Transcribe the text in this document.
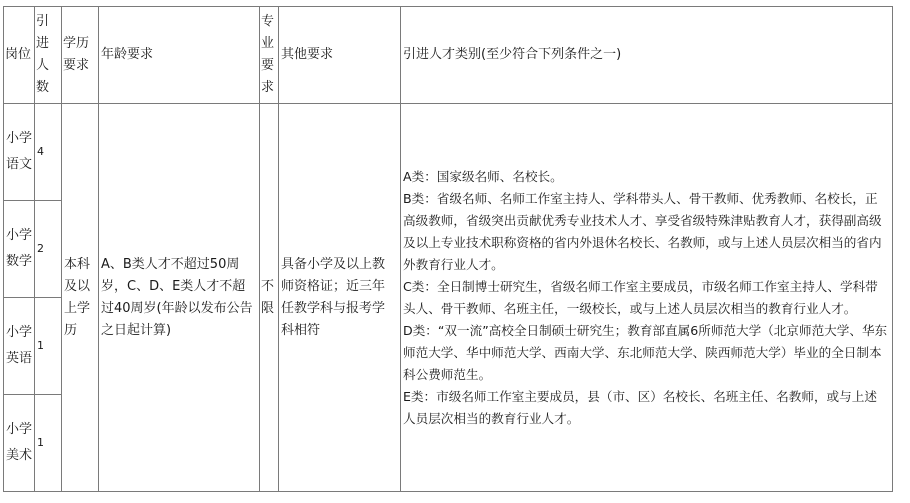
岗位	引进人数	学历要求	年龄要求	专业要求	其他要求	引进人才类别(至少符合下列条件之一)
小学语文	4	本科及以上学历	A、B类人才不超过50周岁，C、D、E类人才不超过40周岁(年龄以发布公告之日起计算)	不限	具备小学及以上教师资格证；近三年任教学科与报考学科相符	A类：国家级名师、名校长。

B类：省级名师、名师工作室主持人、学科带头人、骨干教师、优秀教师、名校长，正高级教师，省级突出贡献优秀专业技术人才、享受省级特殊津贴教育人才，获得副高级及以上专业技术职称资格的省内外退休名校长、名教师，或与上述人员层次相当的省内外教育行业人才。

C类：全日制博士研究生，省级名师工作室主要成员，市级名师工作室主持人、学科带头人、骨干教师、名班主任，一级校长，或与上述人员层次相当的教育行业人才。

D类：“双一流”高校全日制硕士研究生；教育部直属6所师范大学（北京师范大学、华东师范大学、华中师范大学、西南大学、东北师范大学、陕西师范大学）毕业的全日制本科公费师范生。

E类：市级名师工作室主要成员，县（市、区）名校长、名班主任、名教师，或与上述人员层次相当的教育行业人才。

小学数学	2					
小学英语	1					
小学美术	1					
